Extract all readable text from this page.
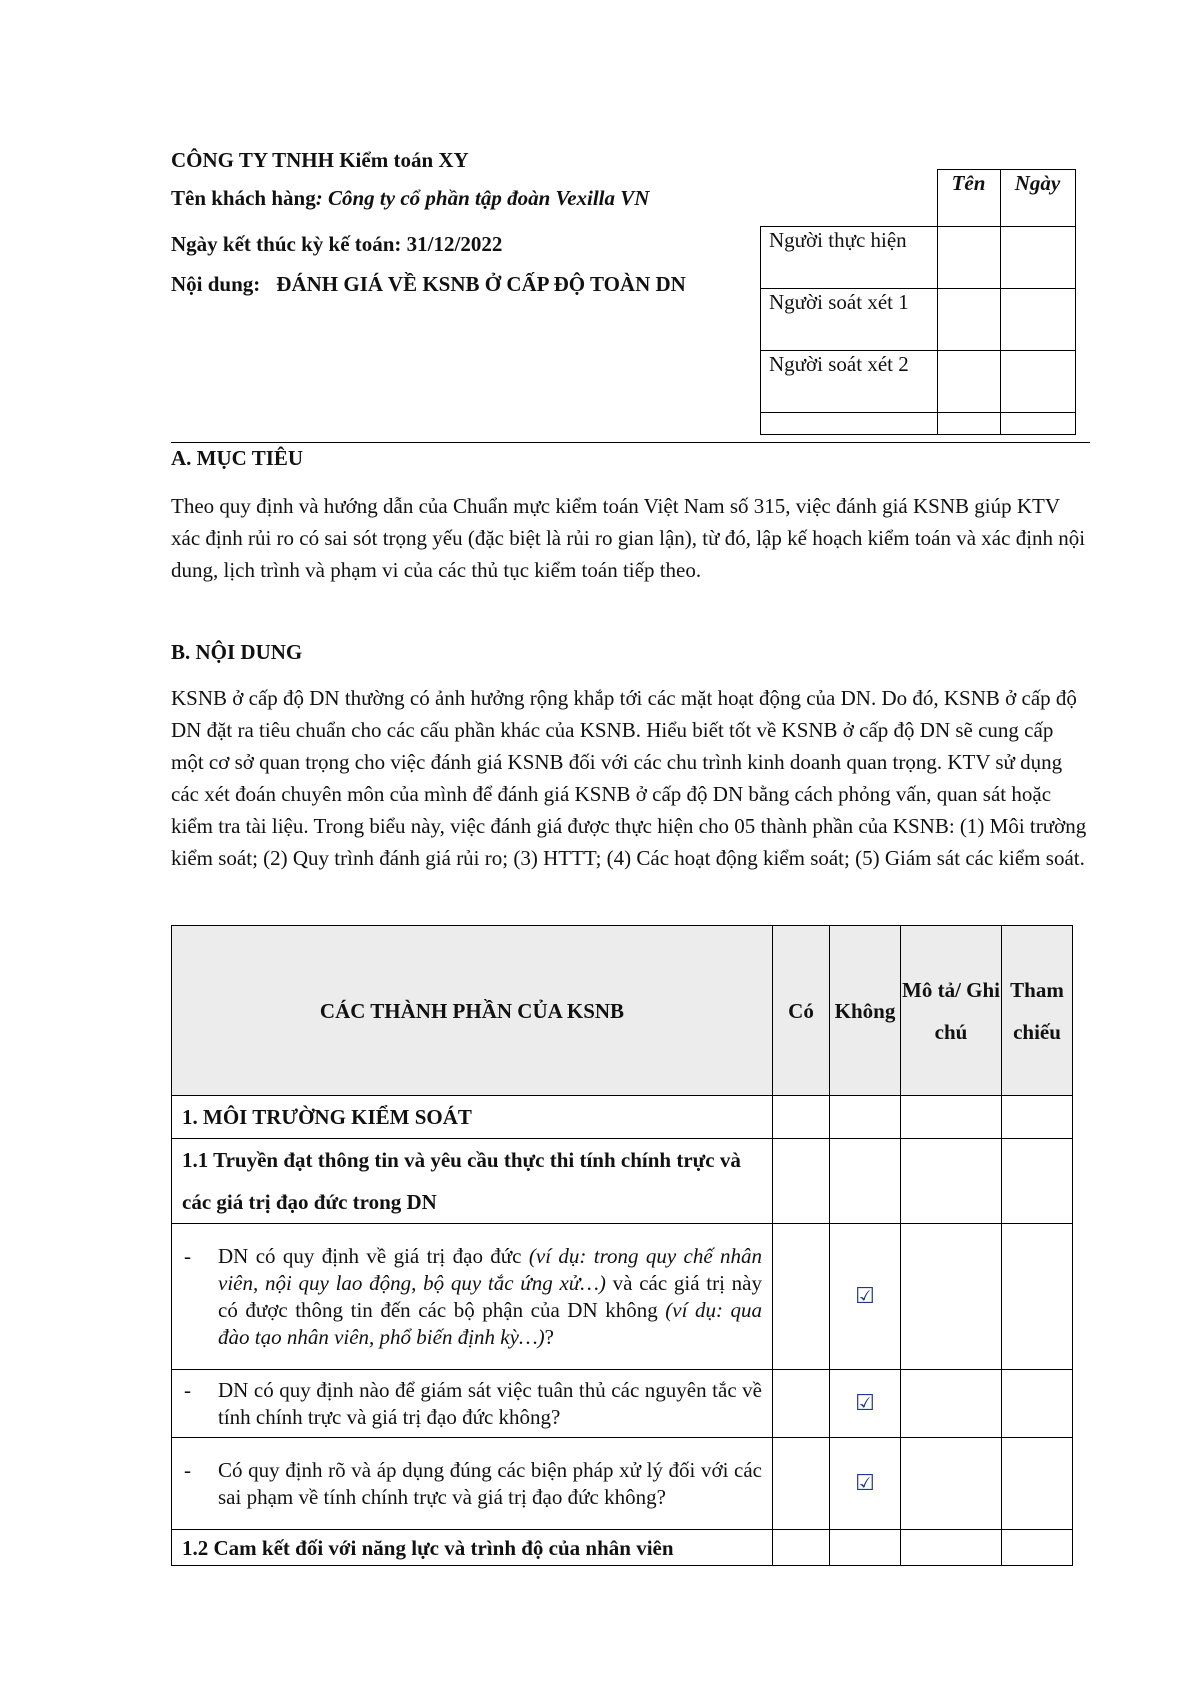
CÔNG TY TNHH Kiểm toán XY
Tên khách hàng: Công ty cổ phần tập đoàn Vexilla VN
Ngày kết thúc kỳ kế toán: 31/12/2022
Nội dung: ĐÁNH GIÁ VỀ KSNB Ở CẤP ĐỘ TOÀN DN
	Tên	Ngày
Người thực hiện		
Người soát xét 1		
Người soát xét 2		

A. MỤC TIÊU
Theo quy định và hướng dẫn của Chuẩn mực kiểm toán Việt Nam số 315, việc đánh giá KSNB giúp KTV xác định rủi ro có sai sót trọng yếu (đặc biệt là rủi ro gian lận), từ đó, lập kế hoạch kiểm toán và xác định nội dung, lịch trình và phạm vi của các thủ tục kiểm toán tiếp theo.
B. NỘI DUNG
KSNB ở cấp độ DN thường có ảnh hưởng rộng khắp tới các mặt hoạt động của DN. Do đó, KSNB ở cấp độ DN đặt ra tiêu chuẩn cho các cấu phần khác của KSNB. Hiểu biết tốt về KSNB ở cấp độ DN sẽ cung cấp một cơ sở quan trọng cho việc đánh giá KSNB đối với các chu trình kinh doanh quan trọng. KTV sử dụng các xét đoán chuyên môn của mình để đánh giá KSNB ở cấp độ DN bằng cách phỏng vấn, quan sát hoặc kiểm tra tài liệu. Trong biểu này, việc đánh giá được thực hiện cho 05 thành phần của KSNB: (1) Môi trường kiểm soát; (2) Quy trình đánh giá rủi ro; (3) HTTT; (4) Các hoạt động kiểm soát; (5) Giám sát các kiểm soát.
CÁC THÀNH PHẦN CỦA KSNB	Có	Không	Mô tả/ Ghi chú	Tham chiếu
1. MÔI TRƯỜNG KIỂM SOÁT				
1.1 Truyền đạt thông tin và yêu cầu thực thi tính chính trực và các giá trị đạo đức trong DN				

- DN có quy định về giá trị đạo đức (ví dụ: trong quy chế nhân viên, nội quy lao động, bộ quy tắc ứng xử…) và các giá trị này có được thông tin đến các bộ phận của DN không (ví dụ: qua đào tạo nhân viên, phổ biến định kỳ…)?		☑		

- DN có quy định nào để giám sát việc tuân thủ các nguyên tắc về tính chính trực và giá trị đạo đức không?		☑		

- Có quy định rõ và áp dụng đúng các biện pháp xử lý đối với các sai phạm về tính chính trực và giá trị đạo đức không?		☑		
1.2 Cam kết đối với năng lực và trình độ của nhân viên				
